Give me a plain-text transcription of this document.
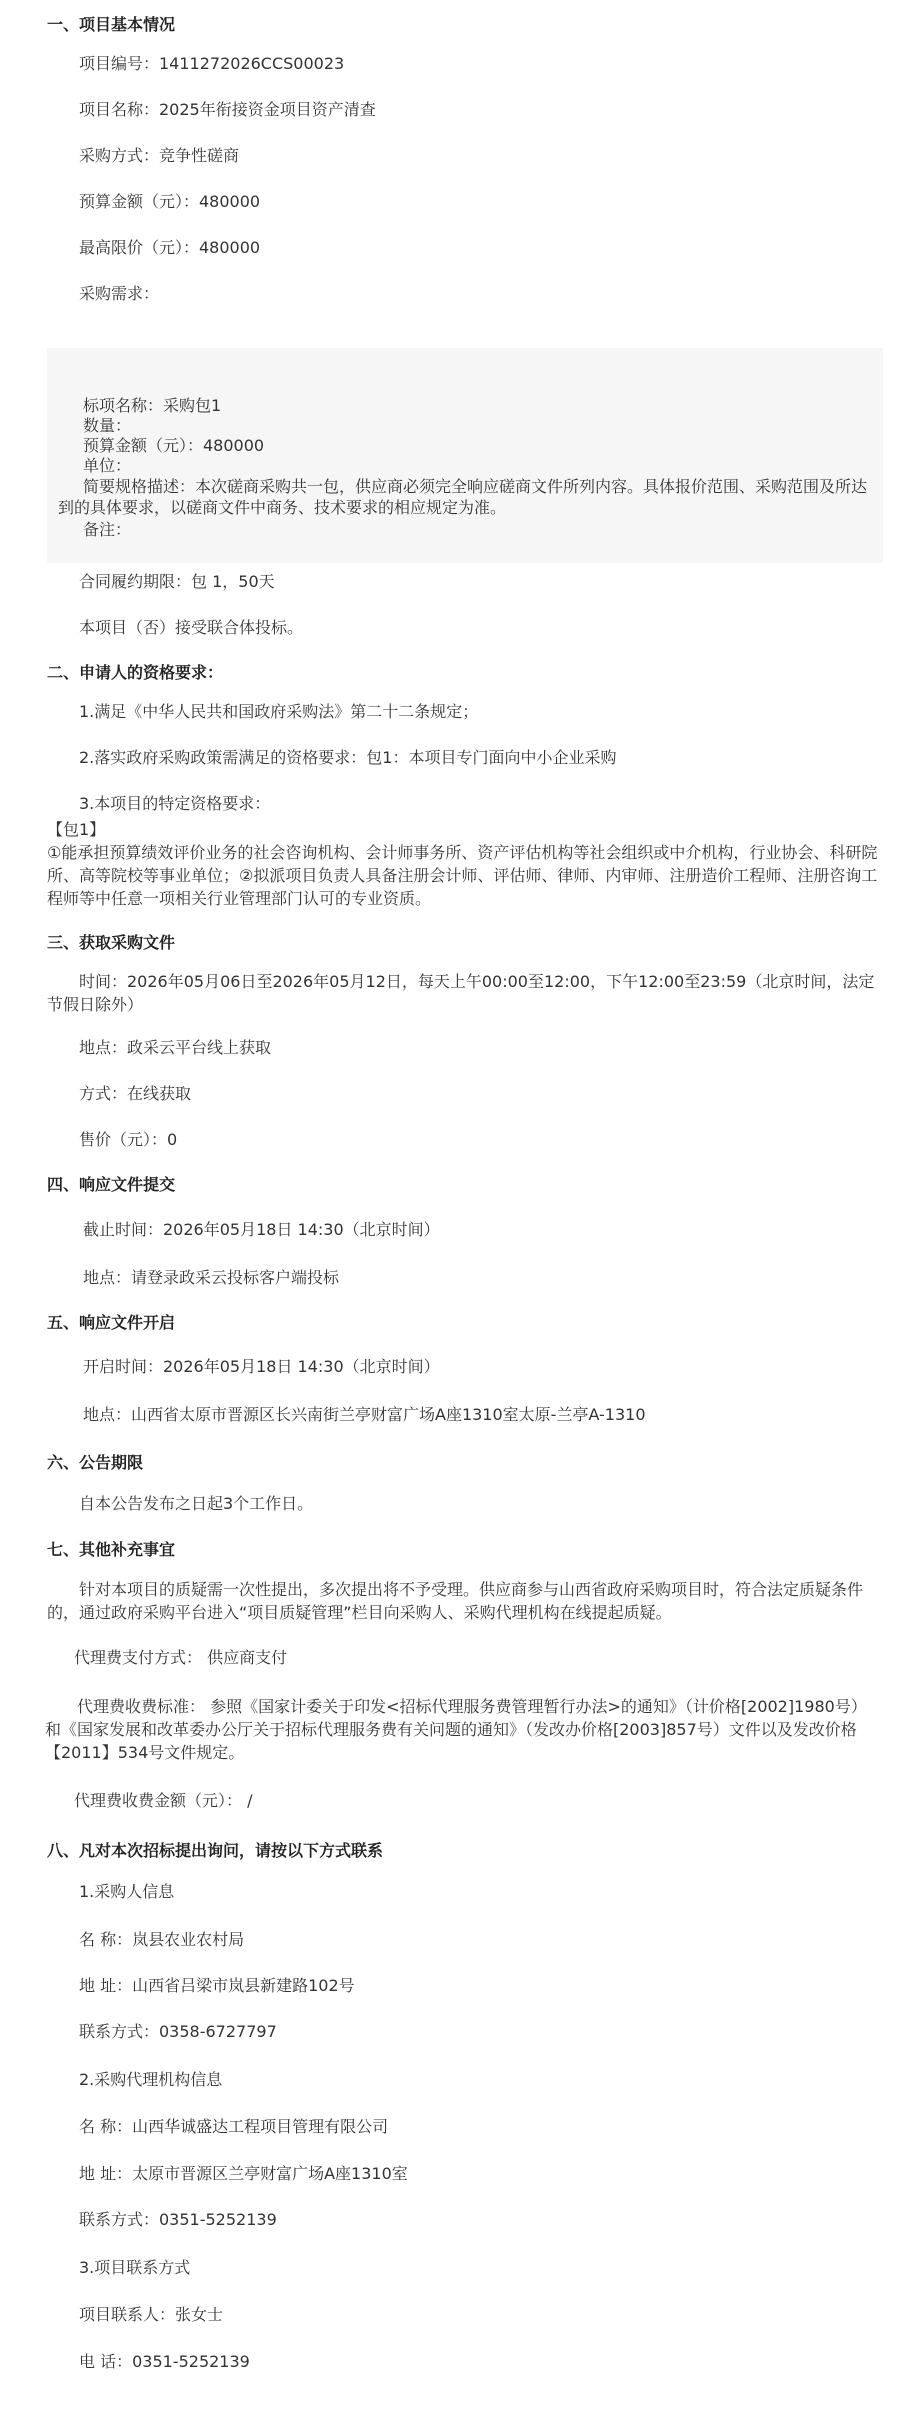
一、项目基本情况

项目编号：1411272026CCS00023

项目名称：2025年衔接资金项目资产清查

采购方式：竞争性磋商

预算金额（元）：480000

最高限价（元）：480000

采购需求：

标项名称：采购包1

数量：

预算金额（元）：480000

单位：

简要规格描述：本次磋商采购共一包，供应商必须完全响应磋商文件所列内容。具体报价范围、采购范围及所达到的具体要求，以磋商文件中商务、技术要求的相应规定为准。

备注：

合同履约期限：包 1，50天

本项目（否）接受联合体投标。

二、申请人的资格要求：

1.满足《中华人民共和国政府采购法》第二十二条规定；

2.落实政府采购政策需满足的资格要求：包1：本项目专门面向中小企业采购

3.本项目的特定资格要求：

【包1】
①能承担预算绩效评价业务的社会咨询机构、会计师事务所、资产评估机构等社会组织或中介机构，行业协会、科研院所、高等院校等事业单位；②拟派项目负责人具备注册会计师、评估师、律师、内审师、注册造价工程师、注册咨询工程师等中任意一项相关行业管理部门认可的专业资质。
三、获取采购文件

时间：2026年05月06日至2026年05月12日，每天上午00:00至12:00，下午12:00至23:59（北京时间，法定节假日除外）

地点：政采云平台线上获取

方式：在线获取

售价（元）：0

四、响应文件提交

截止时间：2026年05月18日 14:30（北京时间）

地点：请登录政采云投标客户端投标

五、响应文件开启

开启时间：2026年05月18日 14:30（北京时间）

地点：山西省太原市晋源区长兴南街兰亭财富广场A座1310室太原-兰亭A-1310

六、公告期限

自本公告发布之日起3个工作日。

七、其他补充事宜

针对本项目的质疑需一次性提出，多次提出将不予受理。供应商参与山西省政府采购项目时，符合法定质疑条件的，通过政府采购平台进入“项目质疑管理”栏目向采购人、采购代理机构在线提起质疑。

代理费支付方式： 供应商支付

代理费收费标准： 参照《国家计委关于印发<招标代理服务费管理暂行办法>的通知》（计价格[2002]1980号）和《国家发展和改革委办公厅关于招标代理服务费有关问题的通知》（发改办价格[2003]857号）文件以及发改价格【2011】534号文件规定。

代理费收费金额（元）： /

八、凡对本次招标提出询问，请按以下方式联系

1.采购人信息

名 称：岚县农业农村局

地 址：山西省吕梁市岚县新建路102号

联系方式：0358-6727797

2.采购代理机构信息

名 称：山西华诚盛达工程项目管理有限公司

地 址：太原市晋源区兰亭财富广场A座1310室

联系方式：0351-5252139

3.项目联系方式

项目联系人：张女士

电 话：0351-5252139
